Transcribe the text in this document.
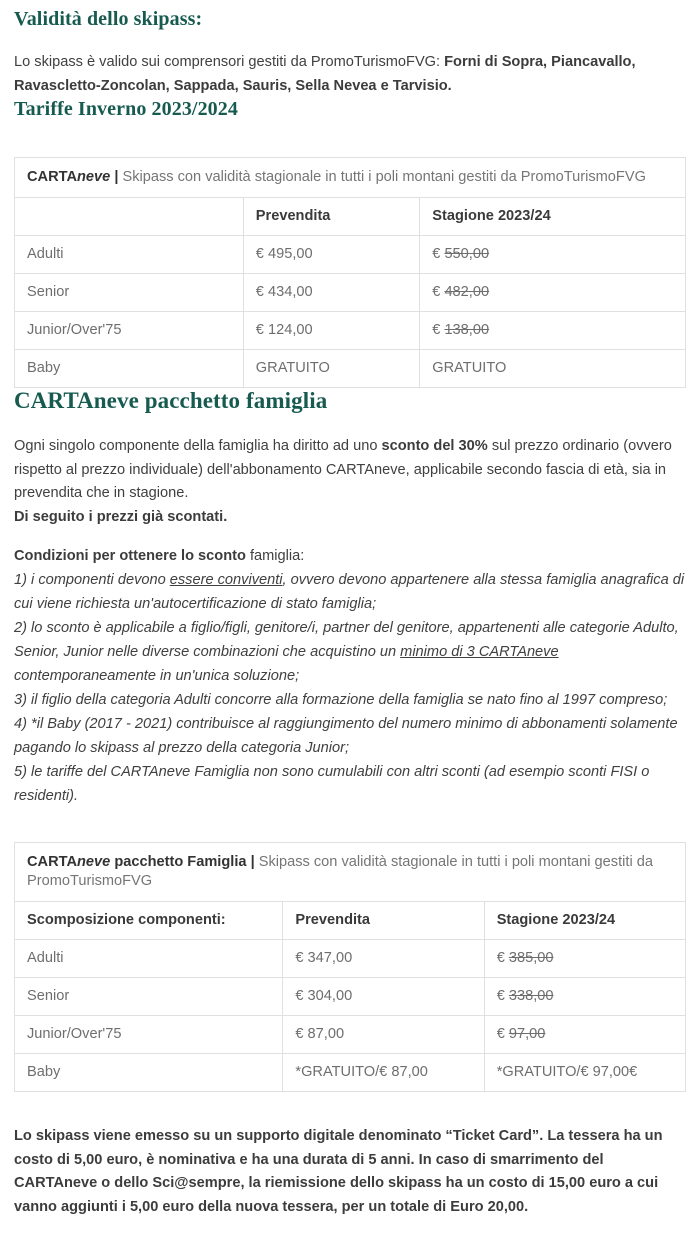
Validità dello skipass:

Lo skipass è valido sui comprensori gestiti da PromoTurismoFVG: Forni di Sopra, Piancavallo, Ravascletto-Zoncolan, Sappada, Sauris, Sella Nevea e Tarvisio.

Tariffe Inverno 2023/2024
CARTAneve | Skipass con validità stagionale in tutti i poli montani gestiti da PromoTurismoFVG		
	Prevendita	Stagione 2023/24
Adulti	€ 495,00	€ 550,00
Senior	€ 434,00	€ 482,00
Junior/Over'75	€ 124,00	€ 138,00
Baby	GRATUITO	GRATUITO
CARTAneve pacchetto famiglia

Ogni singolo componente della famiglia ha diritto ad uno sconto del 30% sul prezzo ordinario (ovvero rispetto al prezzo individuale) dell'abbonamento CARTAneve, applicabile secondo fascia di età, sia in prevendita che in stagione.
Di seguito i prezzi già scontati.

Condizioni per ottenere lo sconto famiglia:
1) i componenti devono essere conviventi, ovvero devono appartenere alla stessa famiglia anagrafica di cui viene richiesta un'autocertificazione di stato famiglia;
2) lo sconto è applicabile a figlio/figli, genitore/i, partner del genitore, appartenenti alle categorie Adulto, Senior, Junior nelle diverse combinazioni che acquistino un minimo di 3 CARTAneve contemporaneamente in un'unica soluzione;
3) il figlio della categoria Adulti concorre alla formazione della famiglia se nato fino al 1997 compreso;
4) *il Baby (2017 - 2021) contribuisce al raggiungimento del numero minimo di abbonamenti solamente pagando lo skipass al prezzo della categoria Junior;
5) le tariffe del CARTAneve Famiglia non sono cumulabili con altri sconti (ad esempio sconti FISI o residenti).

CARTAneve pacchetto Famiglia | Skipass con validità stagionale in tutti i poli montani gestiti da PromoTurismoFVG		
Scomposizione componenti:	Prevendita	Stagione 2023/24
Adulti	€ 347,00	€ 385,00
Senior	€ 304,00	€ 338,00
Junior/Over'75	€ 87,00	€ 97,00
Baby	*GRATUITO/€ 87,00	*GRATUITO/€ 97,00€

Lo skipass viene emesso su un supporto digitale denominato “Ticket Card”. La tessera ha un costo di 5,00 euro, è nominativa e ha una durata di 5 anni. In caso di smarrimento del CARTAneve o dello Sci@sempre, la riemissione dello skipass ha un costo di 15,00 euro a cui vanno aggiunti i 5,00 euro della nuova tessera, per un totale di Euro 20,00.
